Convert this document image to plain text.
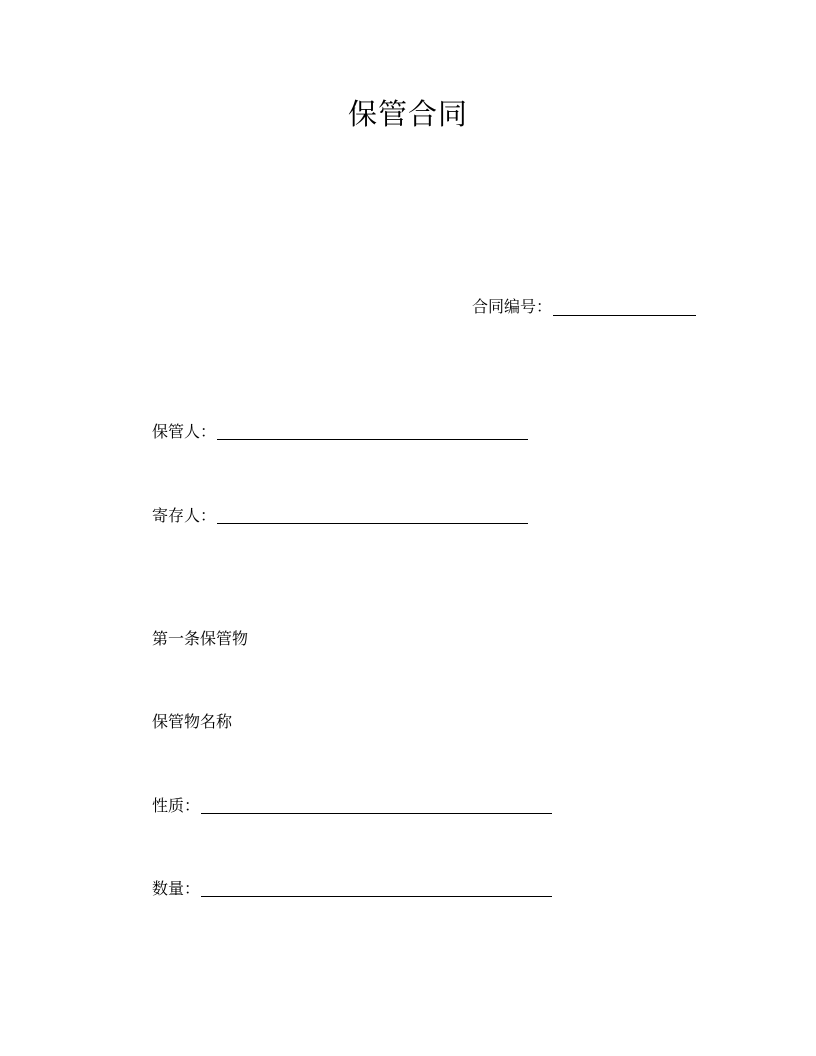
保管合同
合同编号：
保管人：
寄存人：
第一条保管物
保管物名称
性质：
数量：
